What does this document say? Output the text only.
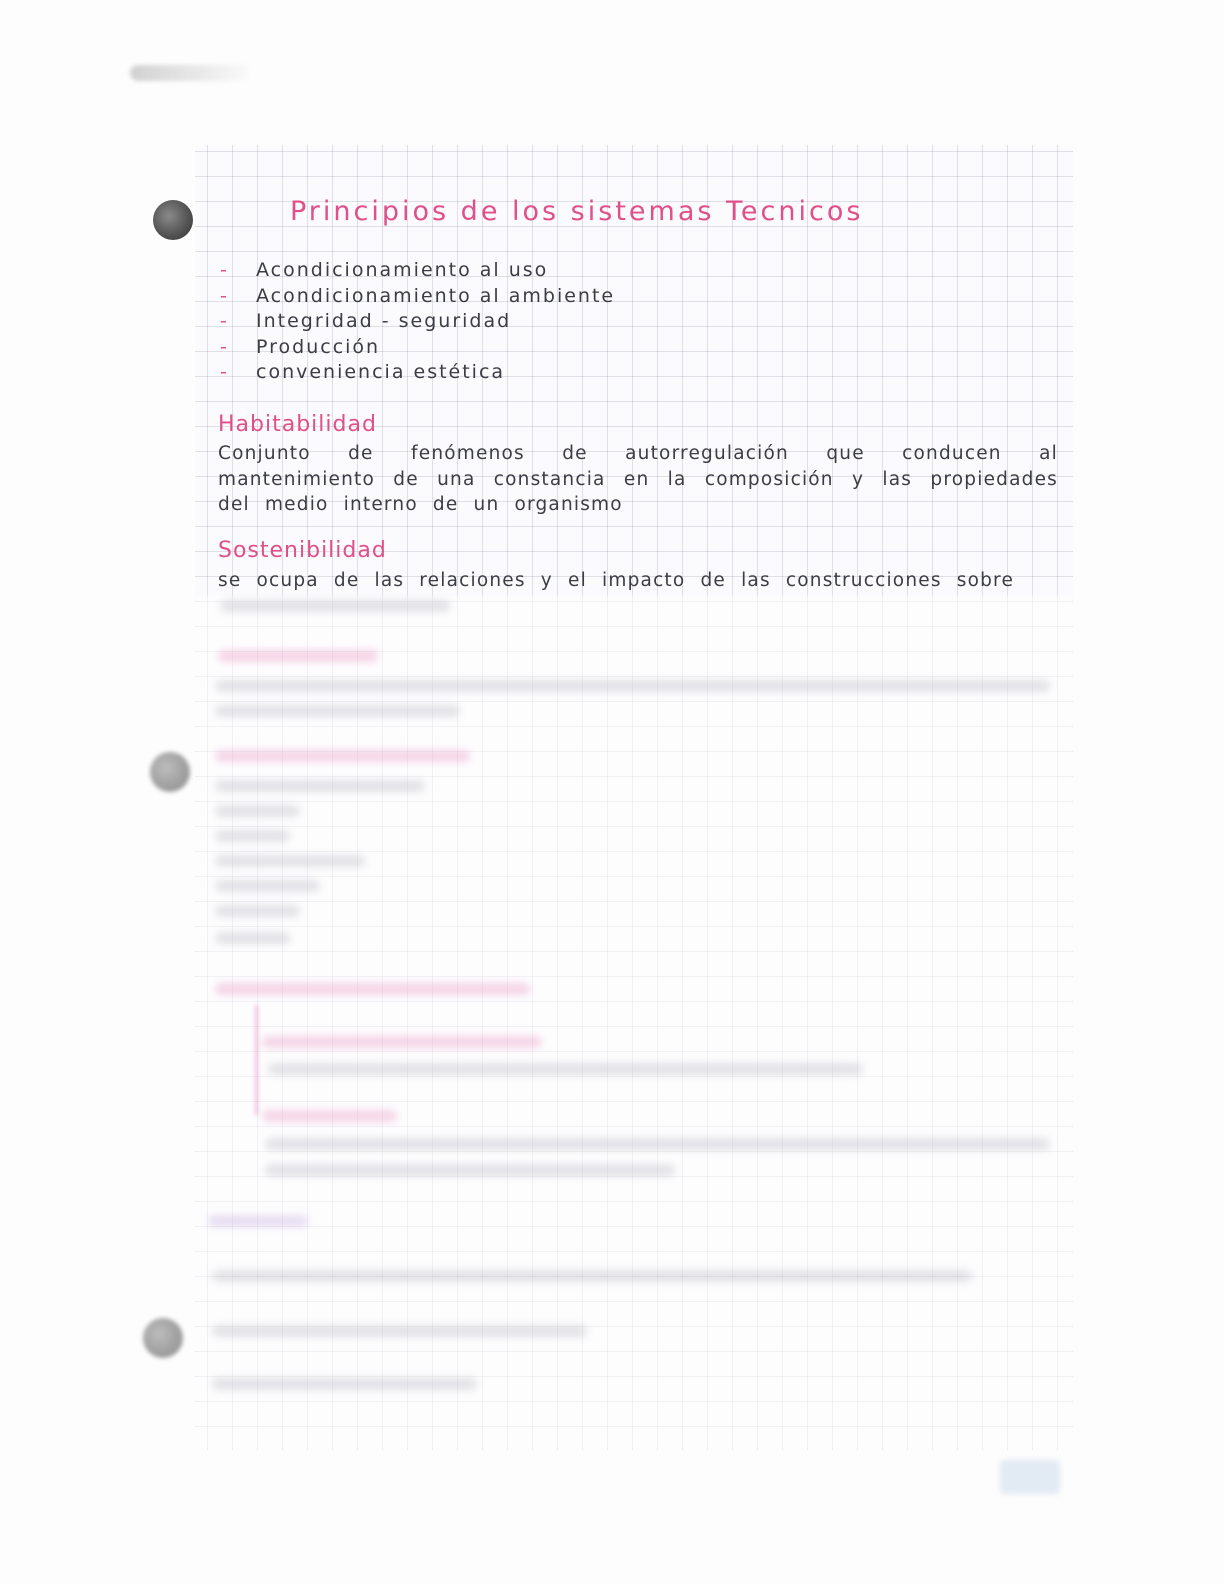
Principios de los sistemas Tecnicos
- Acondicionamiento al uso
- Acondicionamiento al ambiente
- Integridad - seguridad
- Producción
- conveniencia estética
Habitabilidad

Conjunto de fenómenos de autorregulación que conducen al mantenimiento de una constancia en la composición y las propiedades del medio interno de un organismo

Sostenibilidad

se ocupa de las relaciones y el impacto de las construcciones sobre
